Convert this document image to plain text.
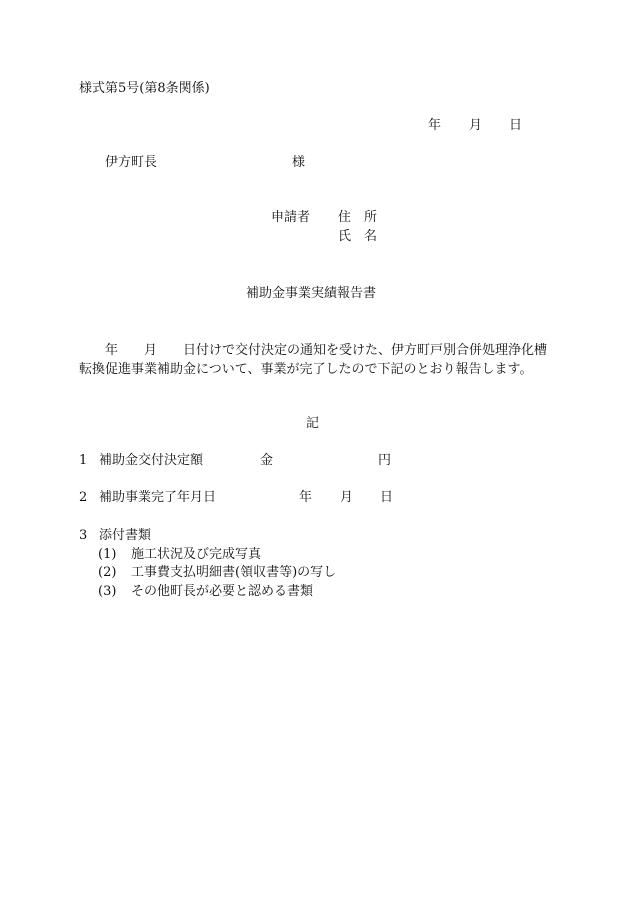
様式第5号(第8条関係)
年 月 日
伊方町長	様
申請者 住　所
氏　名
補助金事業実績報告書
　　年　　月　　日付けで交付決定の通知を受けた、伊方町戸別合併処理浄化槽転換促進事業補助金について、事業が完了したので下記のとおり報告します。
記
1 補助金交付決定額	金	円
2 補助事業完了年月日	年 月 日
3 添付書類
(1) 施工状況及び完成写真
(2) 工事費支払明細書(領収書等)の写し
(3) その他町長が必要と認める書類
